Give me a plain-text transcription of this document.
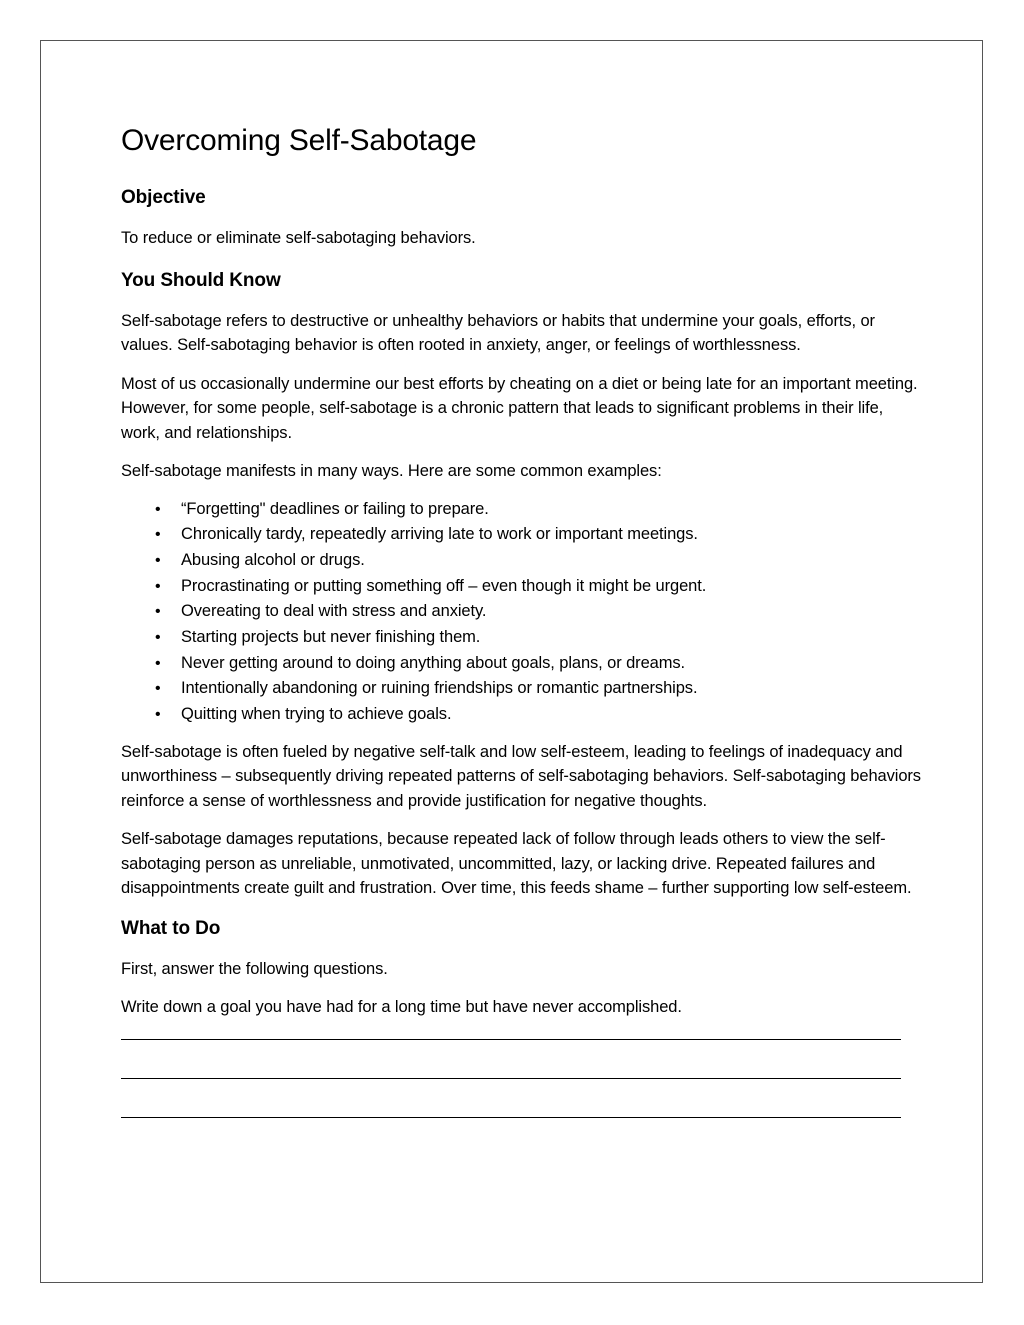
Overcoming Self-Sabotage
Objective

To reduce or eliminate self-sabotaging behaviors.

You Should Know

Self-sabotage refers to destructive or unhealthy behaviors or habits that undermine your goals, efforts, or values. Self-sabotaging behavior is often rooted in anxiety, anger, or feelings of worthlessness.

Most of us occasionally undermine our best efforts by cheating on a diet or being late for an important meeting. However, for some people, self-sabotage is a chronic pattern that leads to significant problems in their life, work, and relationships.

Self-sabotage manifests in many ways. Here are some common examples:

• “Forgetting" deadlines or failing to prepare.
• Chronically tardy, repeatedly arriving late to work or important meetings.
• Abusing alcohol or drugs.
• Procrastinating or putting something off – even though it might be urgent.
• Overeating to deal with stress and anxiety.
• Starting projects but never finishing them.
• Never getting around to doing anything about goals, plans, or dreams.
• Intentionally abandoning or ruining friendships or romantic partnerships.
• Quitting when trying to achieve goals.

Self-sabotage is often fueled by negative self-talk and low self-esteem, leading to feelings of inadequacy and unworthiness – subsequently driving repeated patterns of self-sabotaging behaviors. Self-sabotaging behaviors reinforce a sense of worthlessness and provide justification for negative thoughts.

Self-sabotage damages reputations, because repeated lack of follow through leads others to view the self-sabotaging person as unreliable, unmotivated, uncommitted, lazy, or lacking drive. Repeated failures and disappointments create guilt and frustration. Over time, this feeds shame – further supporting low self-esteem.

What to Do

First, answer the following questions.

Write down a goal you have had for a long time but have never accomplished.
